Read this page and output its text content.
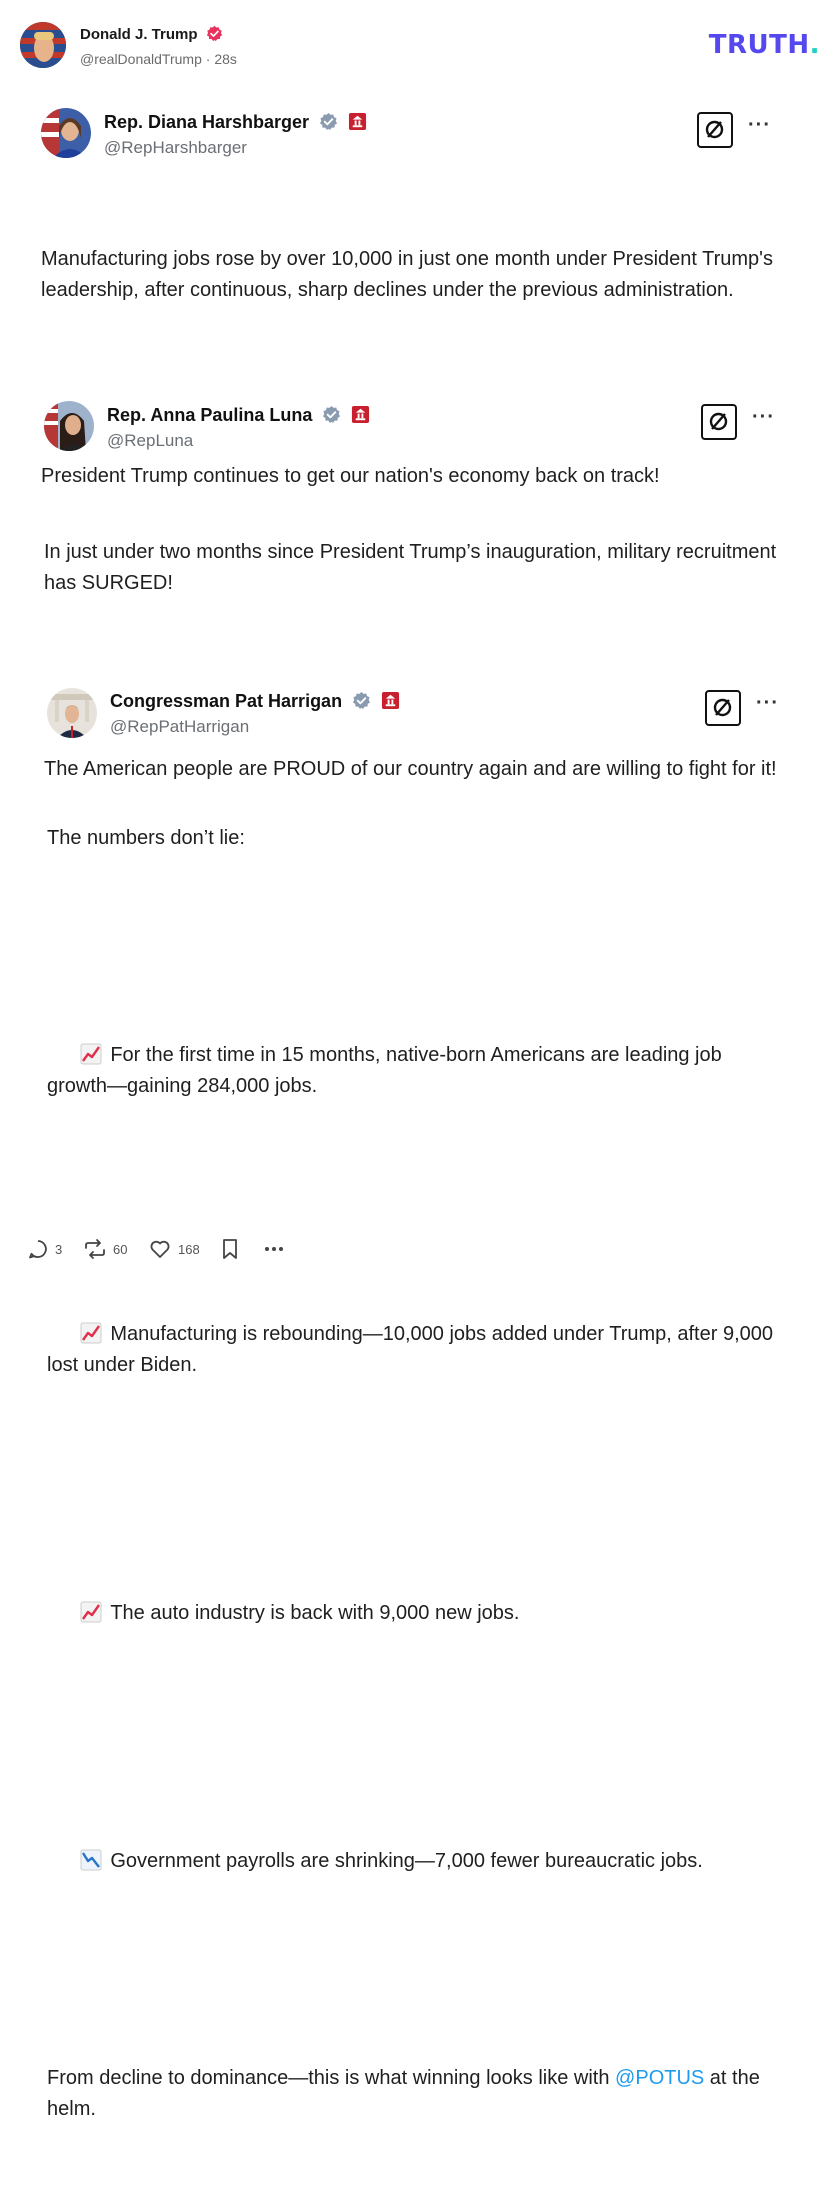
Donald J. Trump
@realDonaldTrump · 28s	TRUTH.
Rep. Diana Harshbarger
@RepHarshbarger
···

Manufacturing jobs rose by over 10,000 in just one month under President Trump's leadership, after continuous, sharp declines under the previous administration.

President Trump continues to get our nation's economy back on track!

Rep. Anna Paulina Luna
@RepLuna
···

In just under two months since President Trump’s inauguration, military recruitment has SURGED!

The American people are PROUD of our country again and are willing to fight for it!

Congressman Pat Harrigan
@RepPatHarrigan
···

The numbers don’t lie:

For the first time in 15 months, native-born Americans are leading job growth—gaining 284,000 jobs.

Manufacturing is rebounding—10,000 jobs added under Trump, after 9,000 lost under Biden.

The auto industry is back with 9,000 new jobs.

Government payrolls are shrinking—7,000 fewer bureaucratic jobs.

From decline to dominance—this is what winning looks like with @POTUS at the helm.

3	60	168
